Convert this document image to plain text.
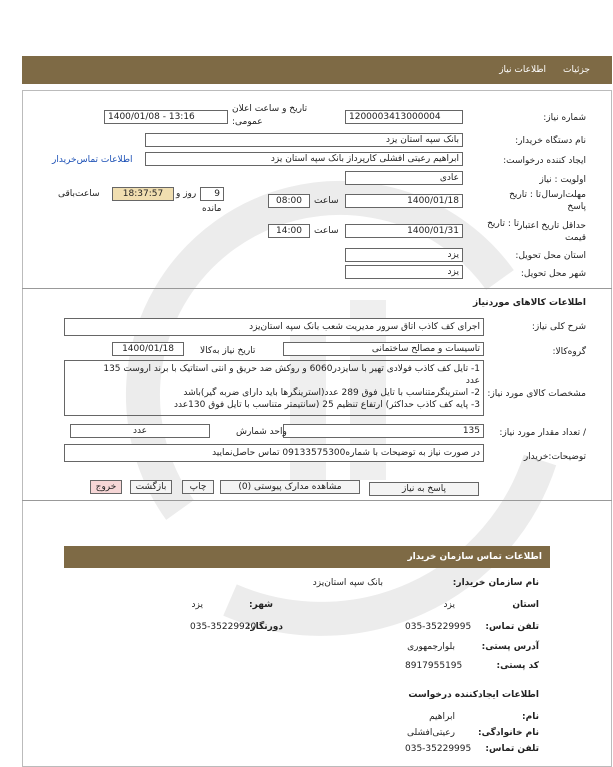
جزئیات
اطلاعات نیاز
شماره نیاز:
1200003413000004
تاریخ و ساعت اعلان
عمومی:
1400/01/08 - 13:16
نام دستگاه خریدار:
بانک سپه استان یزد
ایجاد کننده درخواست:
ابراهیم رعیتی افشلی کارپرداز بانک سپه استان یزد
اطلاعات تماس‌خریدار
اولویت : نیاز
عادی
مهلت‌ارسال
تا : تاریخ
پاسخ
1400/01/18
ساعت
08:00
9
روز و
ماند‌ه
18:37:57
ساعت‌باقی
حداقل تاریخ اعتبار
تا : تاریخ
قیمت
1400/01/31
ساعت
14:00
استان محل تحویل:
یزد
شهر محل تحویل:
یزد
اطلاعات کالاهای موردنیاز
شرح کلی نیاز:
اجرای کف کاذب اتاق سرور مدیریت شعب بانک سپه استان‌یزد
گروه‌کالا:
تاسیسات و مصالح ساختمانی
تاریخ نیاز به‌کالا
1400/01/18
مشخصات کالای مورد نیاز:
1- تایل کف کاذب فولادی تهیر با سایزدر6060 و روکش ضد حریق و انتی استاتیک با برند اروست 135
عدد
2- استرینگرمتناسب با تایل فوق 289 عدد(استرینگرها باید دارای ضربه گیر)باشد
3- پایه کف کاذب حداکثر) ارتفاع تنظیم 25 (سانتیمتر متناسب با تایل فوق 130عدد
/ تعداد مقدار مورد نیاز:
135
واحد شمارش
عدد
توضیحات:خریدار
در صورت نیاز به توضیحات با شماره09133575300 تماس حاصل‌نمایید
پاسخ به نیاز
مشاهده مدارک پیوستی (0)
چاپ
بازگشت
خروج
اطلاعات تماس سازمان خریدار
نام سازمان خریدار:
بانک سپه استان‌یزد
استان
یزد
شهر:
یزد
تلفن تماس:
035-35229995
دورنگار:
035-35229920
آدرس پستی:
بلوارجمهوری
کد پستی:
8917955195
اطلاعات ایجادکننده درخواست
نام:
ابراهیم
نام خانوادگی:
رعیتی‌افشلی
تلفن تماس:
035-35229995
